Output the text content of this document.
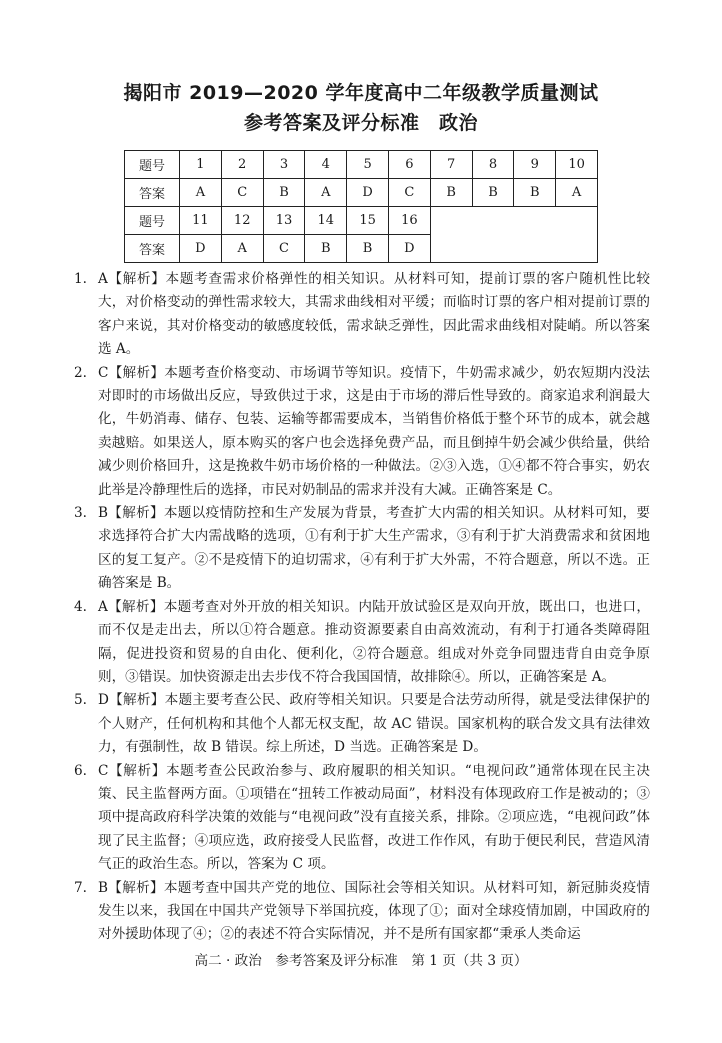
揭阳市 2019—2020 学年度高中二年级教学质量测试
参考答案及评分标准　政治
题号	1	2	3	4	5	6	7	8	9	10
答案	A	C	B	A	D	C	B	B	B	A
题号	11	12	13	14	15	16				
答案	D	A	C	B	B	D				
1. A【解析】本题考查需求价格弹性的相关知识。从材料可知，提前订票的客户随机性比较大，对价格变动的弹性需求较大，其需求曲线相对平缓；而临时订票的客户相对提前订票的客户来说，其对价格变动的敏感度较低，需求缺乏弹性，因此需求曲线相对陡峭。所以答案选 A。
2. C【解析】本题考查价格变动、市场调节等知识。疫情下，牛奶需求减少，奶农短期内没法对即时的市场做出反应，导致供过于求，这是由于市场的滞后性导致的。商家追求利润最大化，牛奶消毒、储存、包装、运输等都需要成本，当销售价格低于整个环节的成本，就会越卖越赔。如果送人，原本购买的客户也会选择免费产品，而且倒掉牛奶会减少供给量，供给减少则价格回升，这是挽救牛奶市场价格的一种做法。②③入选，①④都不符合事实，奶农此举是冷静理性后的选择，市民对奶制品的需求并没有大减。正确答案是 C。
3. B【解析】本题以疫情防控和生产发展为背景，考查扩大内需的相关知识。从材料可知，要求选择符合扩大内需战略的选项，①有利于扩大生产需求，③有利于扩大消费需求和贫困地区的复工复产。②不是疫情下的迫切需求，④有利于扩大外需，不符合题意，所以不选。正确答案是 B。
4. A【解析】本题考查对外开放的相关知识。内陆开放试验区是双向开放，既出口，也进口，而不仅是走出去，所以①符合题意。推动资源要素自由高效流动，有利于打通各类障碍阻隔，促进投资和贸易的自由化、便利化，②符合题意。组成对外竞争同盟违背自由竞争原则，③错误。加快资源走出去步伐不符合我国国情，故排除④。所以，正确答案是 A。
5. D【解析】本题主要考查公民、政府等相关知识。只要是合法劳动所得，就是受法律保护的个人财产，任何机构和其他个人都无权支配，故 AC 错误。国家机构的联合发文具有法律效力，有强制性，故 B 错误。综上所述，D 当选。正确答案是 D。
6. C【解析】本题考查公民政治参与、政府履职的相关知识。“电视问政”通常体现在民主决策、民主监督两方面。①项错在“扭转工作被动局面”，材料没有体现政府工作是被动的；③项中提高政府科学决策的效能与“电视问政”没有直接关系，排除。②项应选，“电视问政”体现了民主监督；④项应选，政府接受人民监督，改进工作作风，有助于便民利民，营造风清气正的政治生态。所以，答案为 C 项。
7. B【解析】本题考查中国共产党的地位、国际社会等相关知识。从材料可知，新冠肺炎疫情发生以来，我国在中国共产党领导下举国抗疫，体现了①；面对全球疫情加剧，中国政府的对外援助体现了④；②的表述不符合实际情况，并不是所有国家都“秉承人类命运
高二 · 政治　参考答案及评分标准　第 1 页（共 3 页）
